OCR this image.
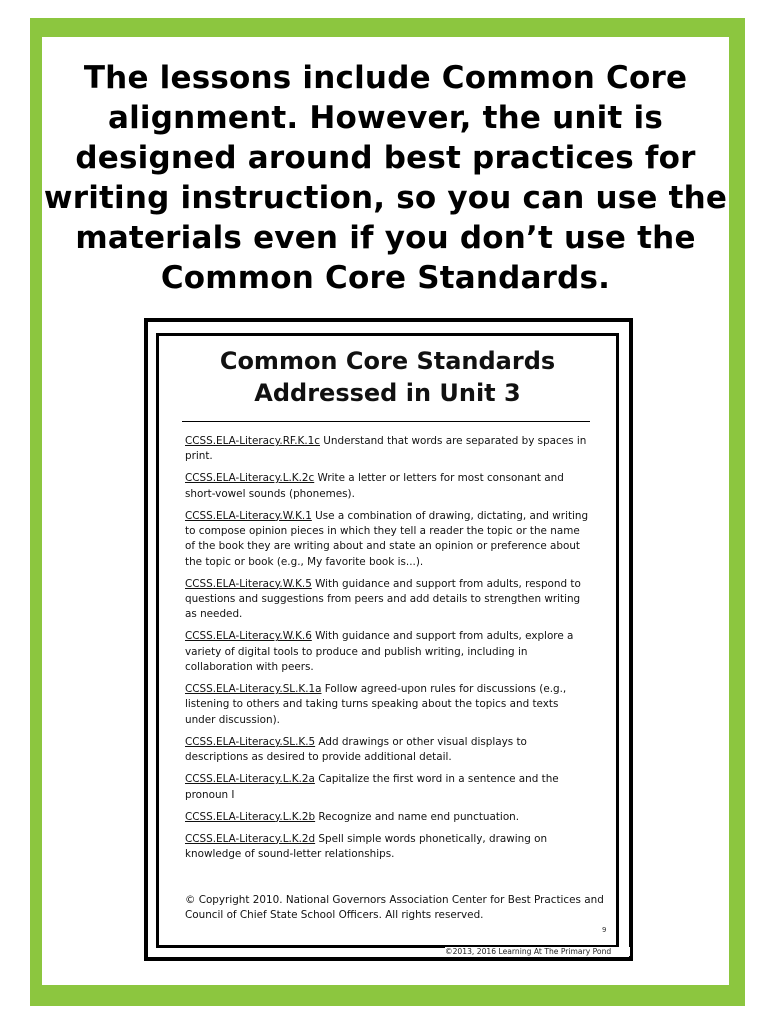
The lessons include Common Core alignment. However, the unit is designed around best practices for writing instruction, so you can use the materials even if you don’t use the Common Core Standards.
Common Core Standards
Addressed in Unit 3
CCSS.ELA-Literacy.RF.K.1c Understand that words are separated by spaces in print.
CCSS.ELA-Literacy.L.K.2c Write a letter or letters for most consonant and short-vowel sounds (phonemes).
CCSS.ELA-Literacy.W.K.1 Use a combination of drawing, dictating, and writing to compose opinion pieces in which they tell a reader the topic or the name of the book they are writing about and state an opinion or preference about the topic or book (e.g., My favorite book is...).
CCSS.ELA-Literacy.W.K.5 With guidance and support from adults, respond to questions and suggestions from peers and add details to strengthen writing as needed.
CCSS.ELA-Literacy.W.K.6 With guidance and support from adults, explore a variety of digital tools to produce and publish writing, including in collaboration with peers.
CCSS.ELA-Literacy.SL.K.1a Follow agreed-upon rules for discussions (e.g., listening to others and taking turns speaking about the topics and texts under discussion).
CCSS.ELA-Literacy.SL.K.5 Add drawings or other visual displays to descriptions as desired to provide additional detail.
CCSS.ELA-Literacy.L.K.2a Capitalize the first word in a sentence and the pronoun I
CCSS.ELA-Literacy.L.K.2b Recognize and name end punctuation.
CCSS.ELA-Literacy.L.K.2d Spell simple words phonetically, drawing on knowledge of sound-letter relationships.
© Copyright 2010. National Governors Association Center for Best Practices and Council of Chief State School Officers. All rights reserved.
9
©2013, 2016 Learning At The Primary Pond
